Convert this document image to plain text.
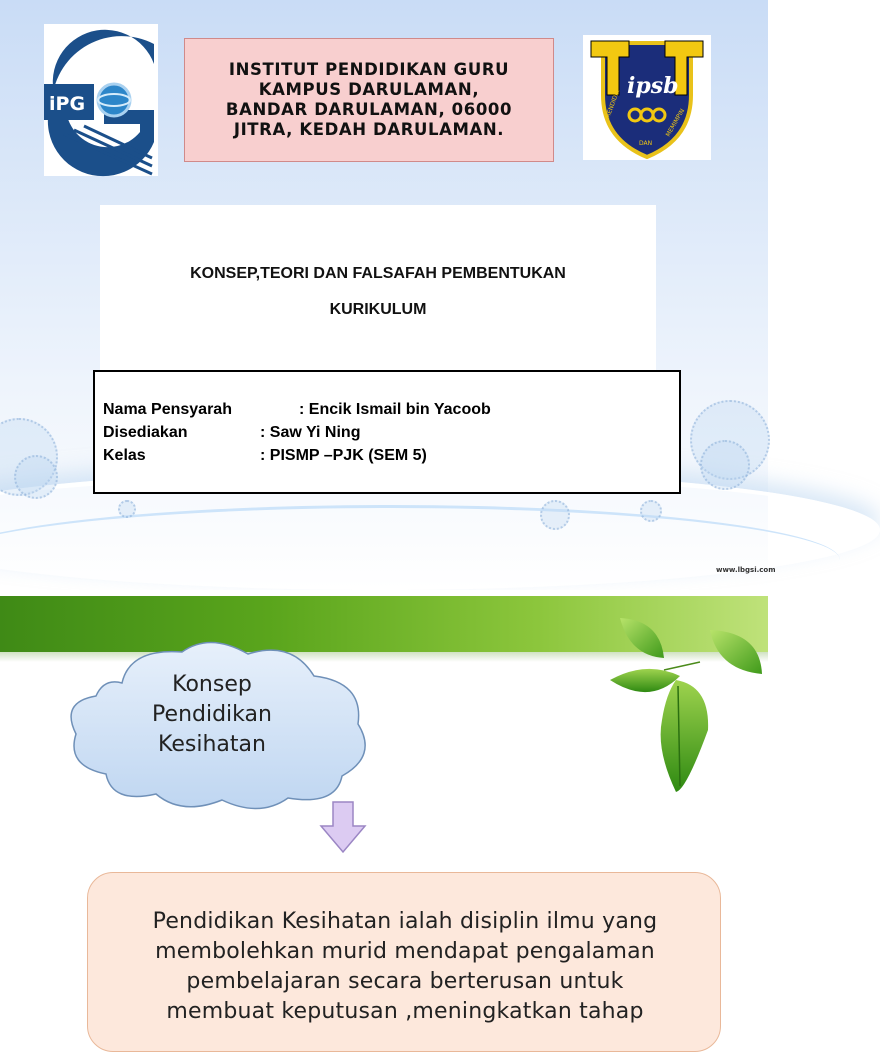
iPG
INSTITUT PENDIDIKAN GURU
KAMPUS DARULAMAN,
BANDAR DARULAMAN, 06000
JITRA, KEDAH DARULAMAN.
ipsb
MENDIDIK
DAN
MEMIMPIN
KONSEP,TEORI DAN FALSAFAH PEMBENTUKAN
KURIKULUM
Nama Pensyarah	: Encik Ismail bin Yacoob
Disediakan	: Saw Yi Ning
Kelas	: PISMP –PJK (SEM 5)
www.lbgsi.com
Konsep
Pendidikan
Kesihatan
Pendidikan Kesihatan ialah disiplin ilmu yang
membolehkan murid mendapat pengalaman
pembelajaran secara berterusan untuk
membuat keputusan ,meningkatkan tahap
